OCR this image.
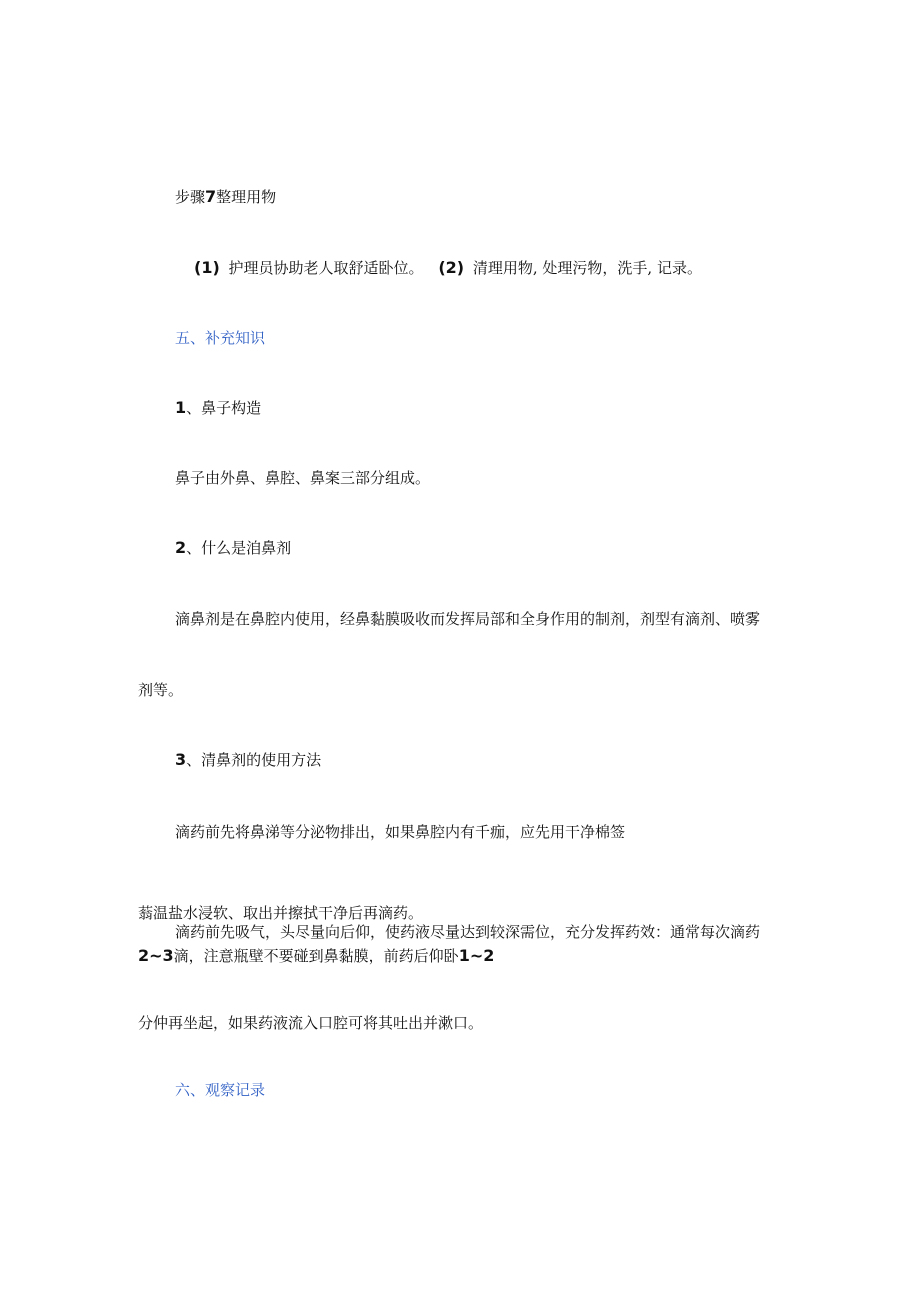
步骤7整理用物
(1) 护理员协助老人取舒适卧位。 (2) 清理用物, 处理污物，洗手, 记录。
五、补充知识
1、鼻子构造
鼻子由外鼻、鼻腔、鼻案三部分组成。
2、什么是洎鼻剂
滴鼻剂是在鼻腔内使用，经鼻黏膜吸收而发挥局部和全身作用的制剂，剂型有滴剂、喷雾
剂等。
3、清鼻剂的使用方法
滴药前先将鼻涕等分泌物排出，如果鼻腔内有千痂，应先用干净棉签
蓊温盐水浸软、取出并擦拭干净后再滴药。
滴药前先吸气，头尽量向后仰，使药液尽量达到较深需位，充分发挥药效：通常每次滴药
2~3滴，注意瓶壁不要碰到鼻黏膜，前药后仰卧1~2
分仲再坐起，如果药液流入口腔可将其吐出并漱口。
六、观察记录
